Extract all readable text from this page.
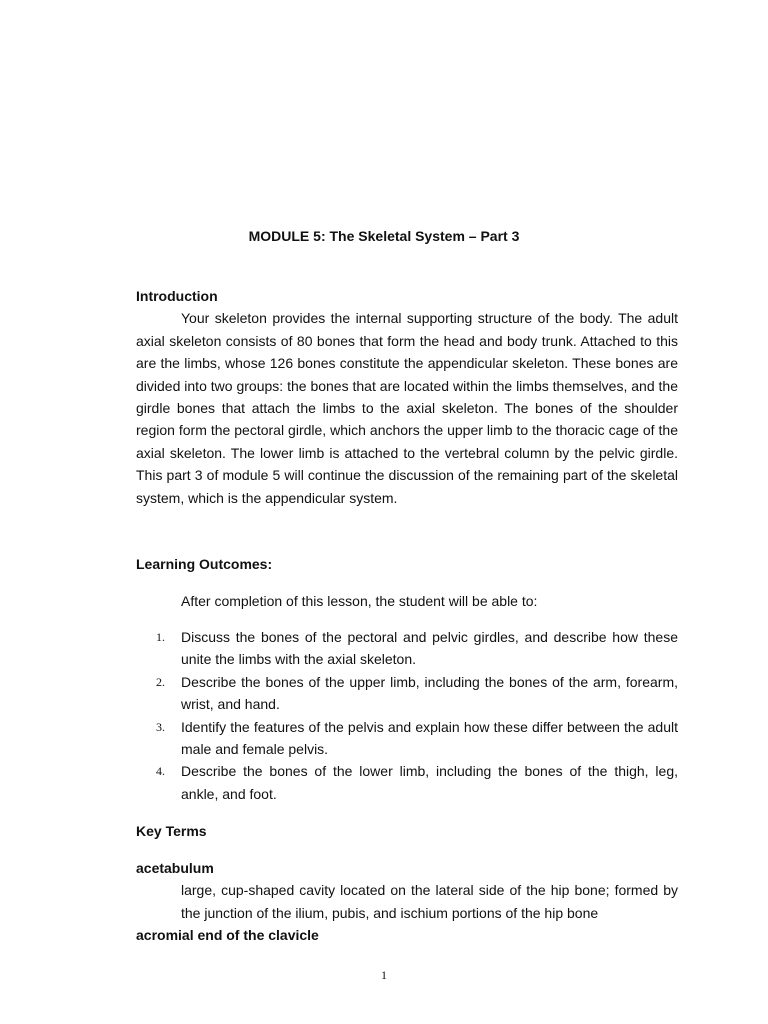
MODULE 5: The Skeletal System – Part 3

Introduction

Your skeleton provides the internal supporting structure of the body. The adult axial skeleton consists of 80 bones that form the head and body trunk. Attached to this are the limbs, whose 126 bones constitute the appendicular skeleton. These bones are divided into two groups: the bones that are located within the limbs themselves, and the girdle bones that attach the limbs to the axial skeleton. The bones of the shoulder region form the pectoral girdle, which anchors the upper limb to the thoracic cage of the axial skeleton. The lower limb is attached to the vertebral column by the pelvic girdle. This part 3 of module 5 will continue the discussion of the remaining part of the skeletal system, which is the appendicular system.

Learning Outcomes:

After completion of this lesson, the student will be able to:
1. Discuss the bones of the pectoral and pelvic girdles, and describe how these unite the limbs with the axial skeleton.
2. Describe the bones of the upper limb, including the bones of the arm, forearm, wrist, and hand.
3. Identify the features of the pelvis and explain how these differ between the adult male and female pelvis.
4. Describe the bones of the lower limb, including the bones of the thigh, leg, ankle, and foot.

Key Terms

acetabulum

large, cup-shaped cavity located on the lateral side of the hip bone; formed by the junction of the ilium, pubis, and ischium portions of the hip bone

acromial end of the clavicle

1
